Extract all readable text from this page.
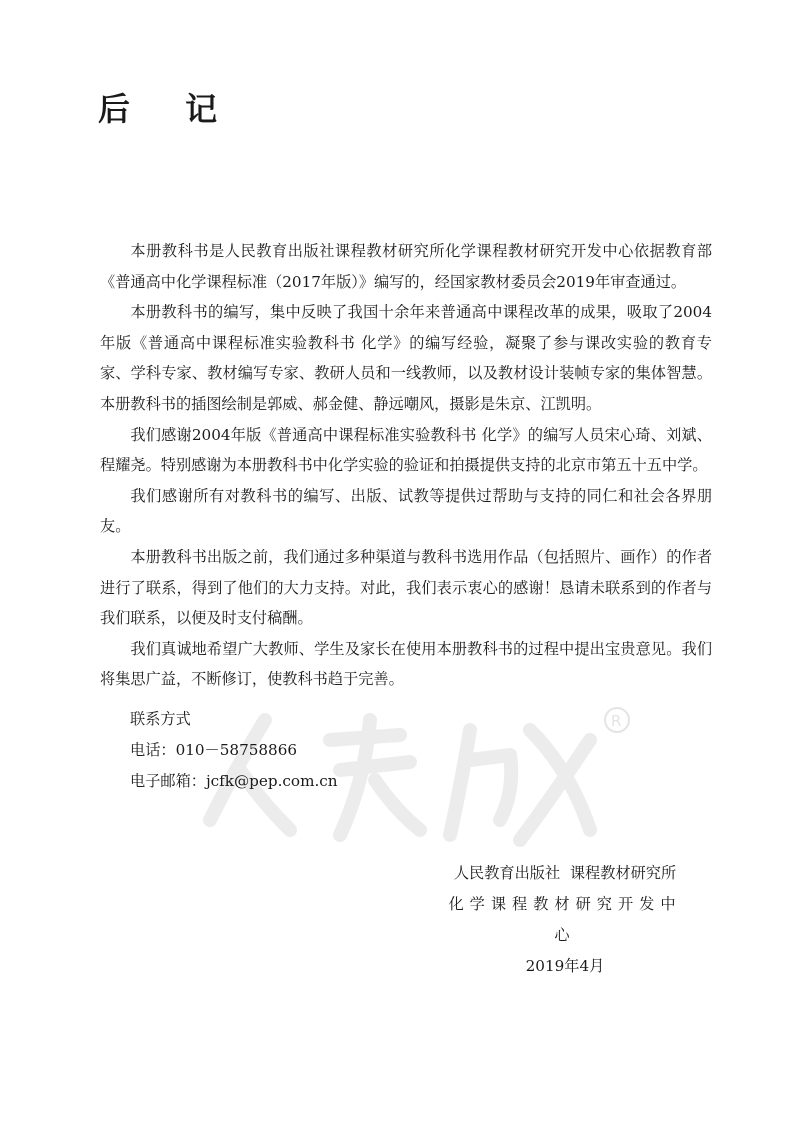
后 记

本册教科书是人民教育出版社课程教材研究所化学课程教材研究开发中心依据教育部《普通高中化学课程标准（2017年版）》编写的，经国家教材委员会2019年审查通过。

本册教科书的编写，集中反映了我国十余年来普通高中课程改革的成果，吸取了2004年版《普通高中课程标准实验教科书 化学》的编写经验，凝聚了参与课改实验的教育专家、学科专家、教材编写专家、教研人员和一线教师，以及教材设计装帧专家的集体智慧。本册教科书的插图绘制是郭威、郝金健、静远嘲风，摄影是朱京、江凯明。

我们感谢2004年版《普通高中课程标准实验教科书 化学》的编写人员宋心琦、刘斌、程耀尧。特别感谢为本册教科书中化学实验的验证和拍摄提供支持的北京市第五十五中学。

我们感谢所有对教科书的编写、出版、试教等提供过帮助与支持的同仁和社会各界朋友。

本册教科书出版之前，我们通过多种渠道与教科书选用作品（包括照片、画作）的作者进行了联系，得到了他们的大力支持。对此，我们表示衷心的感谢！恳请未联系到的作者与我们联系，以便及时支付稿酬。

我们真诚地希望广大教师、学生及家长在使用本册教科书的过程中提出宝贵意见。我们将集思广益，不断修订，使教科书趋于完善。

R
联系方式
电话：010－58758866
电子邮箱：jcfk@pep.com.cn
人民教育出版社  课程教材研究所
化学课程教材研究开发中心
2019年4月
